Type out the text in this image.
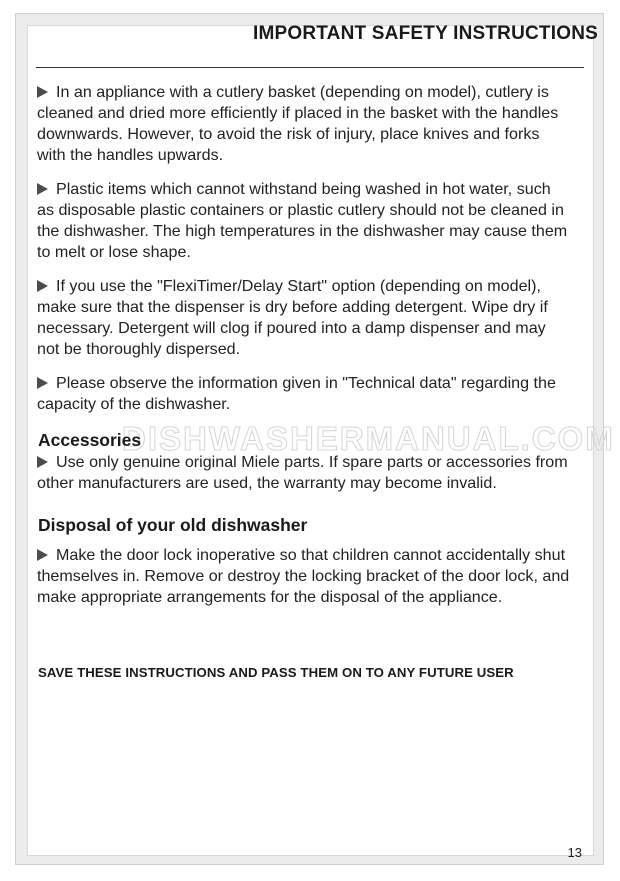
IMPORTANT SAFETY INSTRUCTIONS

In an appliance with a cutlery basket (depending on model), cutlery is cleaned and dried more efficiently if placed in the basket with the handles downwards. However, to avoid the risk of injury, place knives and forks with the handles upwards.

Plastic items which cannot withstand being washed in hot water, such as disposable plastic containers or plastic cutlery should not be cleaned in the dishwasher. The high temperatures in the dishwasher may cause them to melt or lose shape.

If you use the "FlexiTimer/Delay Start" option (depending on model), make sure that the dispenser is dry before adding detergent. Wipe dry if necessary. Detergent will clog if poured into a damp dispenser and may not be thoroughly dispersed.

Please observe the information given in "Technical data" regarding the capacity of the dishwasher.

Accessories

Use only genuine original Miele parts. If spare parts or accessories from other manufacturers are used, the warranty may become invalid.

Disposal of your old dishwasher

Make the door lock inoperative so that children cannot accidentally shut themselves in. Remove or destroy the locking bracket of the door lock, and make appropriate arrangements for the disposal of the appliance.

SAVE THESE INSTRUCTIONS AND PASS THEM ON TO ANY FUTURE USER
13
